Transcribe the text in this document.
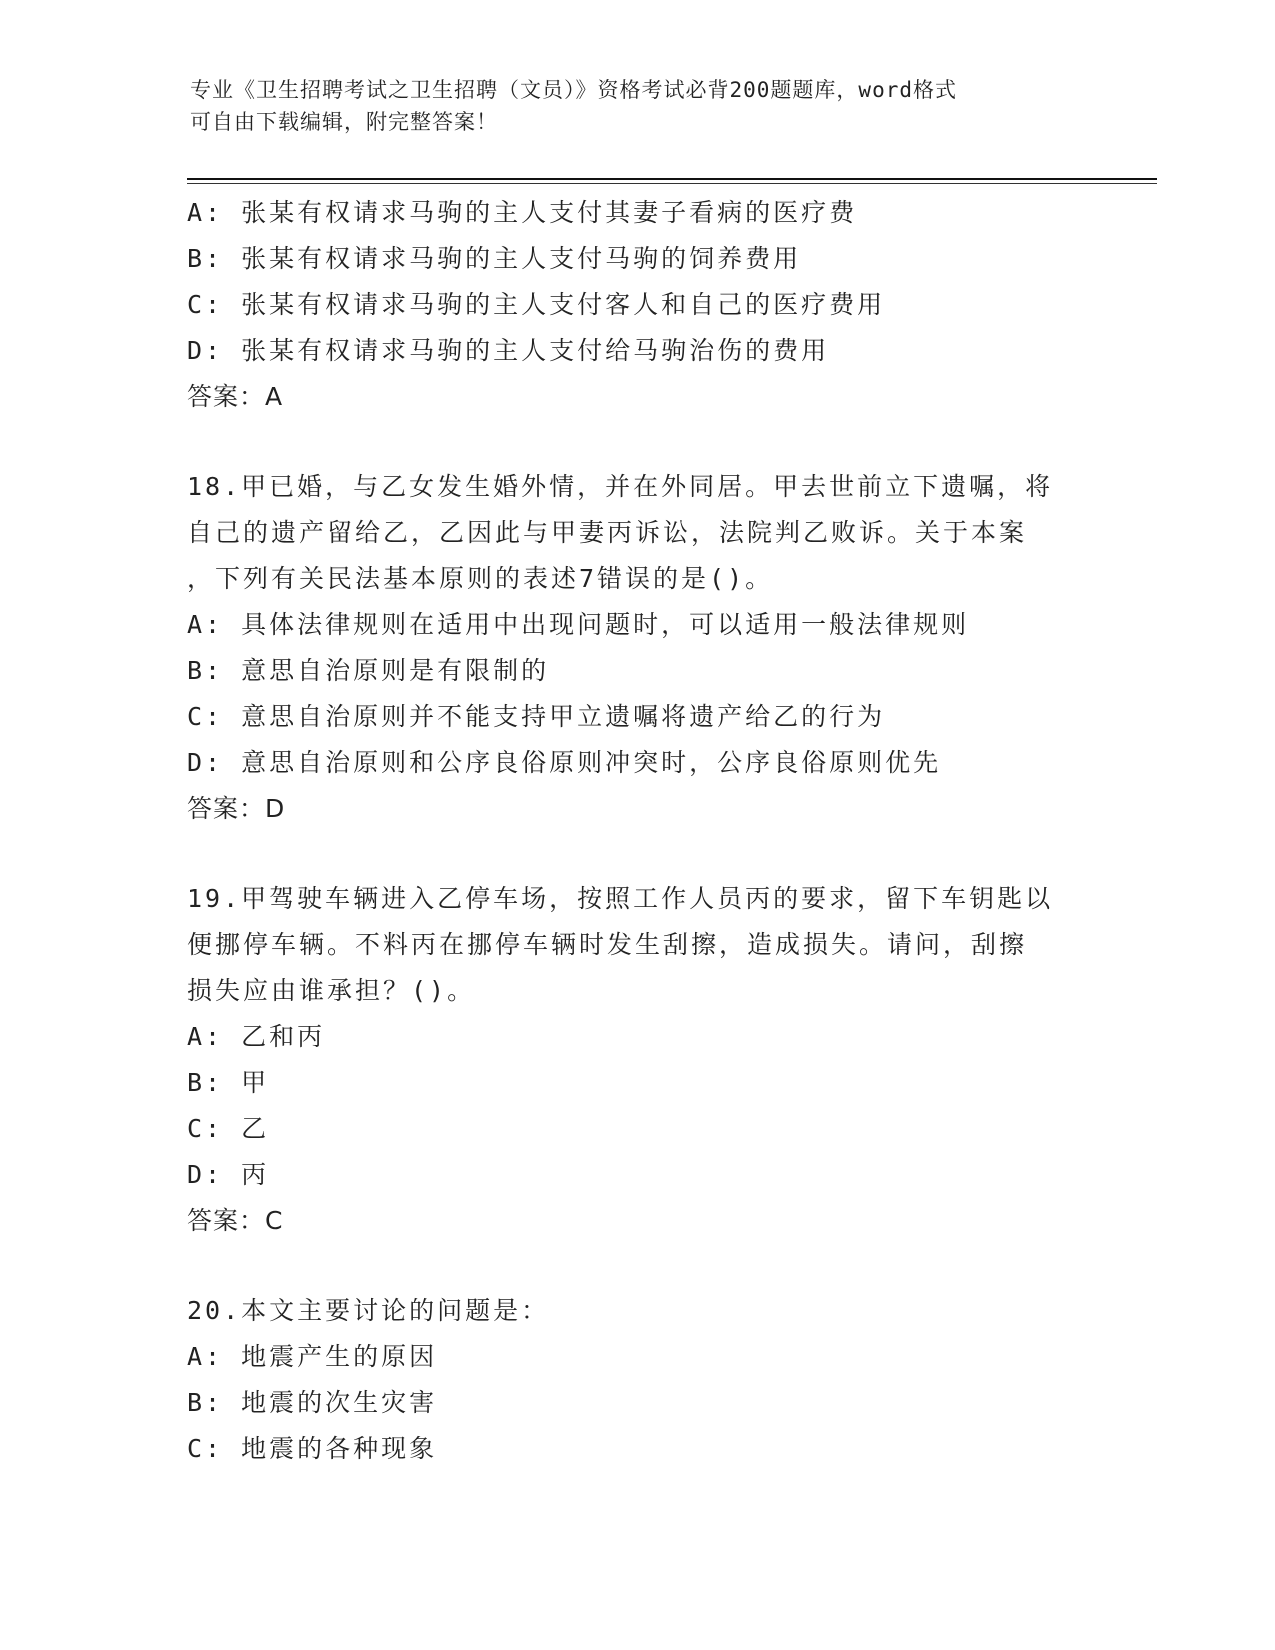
专业《卫生招聘考试之卫生招聘（文员）》资格考试必背200题题库，word格式
可自由下载编辑，附完整答案！
A: 张某有权请求马驹的主人支付其妻子看病的医疗费
B: 张某有权请求马驹的主人支付马驹的饲养费用
C: 张某有权请求马驹的主人支付客人和自己的医疗费用
D: 张某有权请求马驹的主人支付给马驹治伤的费用
答案：A
18.甲已婚，与乙女发生婚外情，并在外同居。甲去世前立下遗嘱，将
自己的遗产留给乙，乙因此与甲妻丙诉讼，法院判乙败诉。关于本案
，下列有关民法基本原则的表述7错误的是()。
A: 具体法律规则在适用中出现问题时，可以适用一般法律规则
B: 意思自治原则是有限制的
C: 意思自治原则并不能支持甲立遗嘱将遗产给乙的行为
D: 意思自治原则和公序良俗原则冲突时，公序良俗原则优先
答案：D
19.甲驾驶车辆进入乙停车场，按照工作人员丙的要求，留下车钥匙以
便挪停车辆。不料丙在挪停车辆时发生刮擦，造成损失。请问，刮擦
损失应由谁承担？()。
A: 乙和丙
B: 甲
C: 乙
D: 丙
答案：C
20.本文主要讨论的问题是：
A: 地震产生的原因
B: 地震的次生灾害
C: 地震的各种现象
